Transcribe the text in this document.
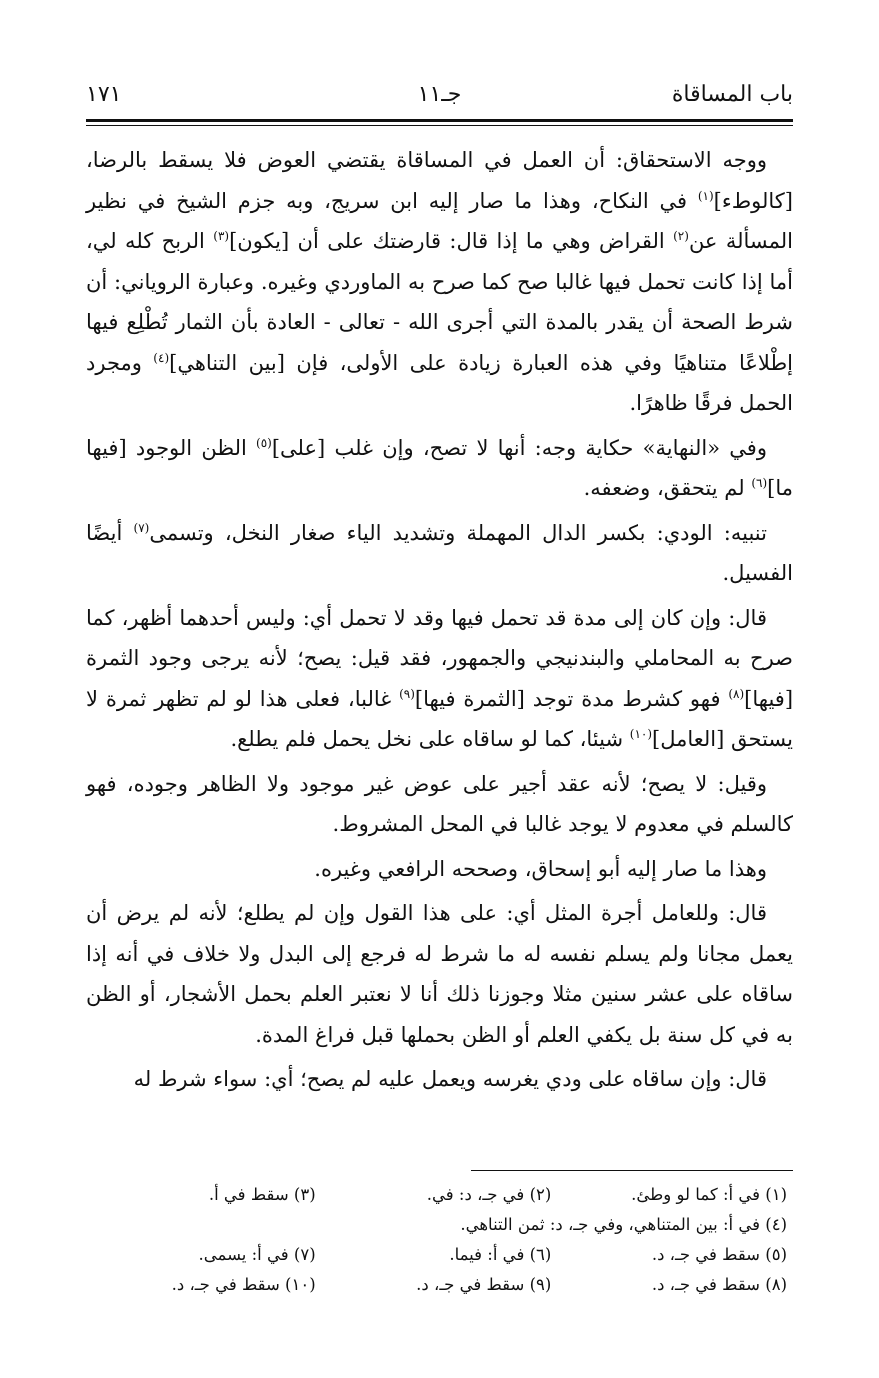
باب المساقاة
جـ١١
١٧١

ووجه الاستحقاق: أن العمل في المساقاة يقتضي العوض فلا يسقط بالرضا، [كالوطء]$^{(١)}$ في النكاح، وهذا ما صار إليه ابن سريج، وبه جزم الشيخ في نظير المسألة عن$^{(٢)}$ القراض وهي ما إذا قال: قارضتك على أن [يكون]$^{(٣)}$ الربح كله لي، أما إذا كانت تحمل فيها غالبا صح كما صرح به الماوردي وغيره. وعبارة الروياني: أن شرط الصحة أن يقدر بالمدة التي أجرى الله - تعالى - العادة بأن الثمار تُطْلِع فيها إطْلاعًا متناهيًا وفي هذه العبارة زيادة على الأولى، فإن [بين التناهي]$^{(٤)}$ ومجرد الحمل فرقًا ظاهرًا.

وفي «النهاية» حكاية وجه: أنها لا تصح، وإن غلب [على]$^{(٥)}$ الظن الوجود [فيها ما]$^{(٦)}$ لم يتحقق، وضعفه.

تنبيه: الودي: بكسر الدال المهملة وتشديد الياء صغار النخل، وتسمى$^{(٧)}$ أيضًا الفسيل.

قال: وإن كان إلى مدة قد تحمل فيها وقد لا تحمل أي: وليس أحدهما أظهر، كما صرح به المحاملي والبندنيجي والجمهور، فقد قيل: يصح؛ لأنه يرجى وجود الثمرة [فيها]$^{(٨)}$ فهو كشرط مدة توجد [الثمرة فيها]$^{(٩)}$ غالبا، فعلى هذا لو لم تظهر ثمرة لا يستحق [العامل]$^{(١٠)}$ شيئا، كما لو ساقاه على نخل يحمل فلم يطلع.

وقيل: لا يصح؛ لأنه عقد أجير على عوض غير موجود ولا الظاهر وجوده، فهو كالسلم في معدوم لا يوجد غالبا في المحل المشروط.

وهذا ما صار إليه أبو إسحاق، وصححه الرافعي وغيره.

قال: وللعامل أجرة المثل أي: على هذا القول وإن لم يطلع؛ لأنه لم يرض أن يعمل مجانا ولم يسلم نفسه له ما شرط له فرجع إلى البدل ولا خلاف في أنه إذا ساقاه على عشر سنين مثلا وجوزنا ذلك أنا لا نعتبر العلم بحمل الأشجار، أو الظن به في كل سنة بل يكفي العلم أو الظن بحملها قبل فراغ المدة.

قال: وإن ساقاه على ودي يغرسه ويعمل عليه لم يصح؛ أي: سواء شرط له

(١) في أ: كما لو وطئ.
(٢) في جـ، د: في.
(٣) سقط في أ.
(٤) في أ: بين المتناهي، وفي جـ، د: ثمن التناهي.
(٥) سقط في جـ، د.
(٦) في أ: فيما.
(٧) في أ: يسمى.
(٨) سقط في جـ، د.
(٩) سقط في جـ، د.
(١٠) سقط في جـ، د.
